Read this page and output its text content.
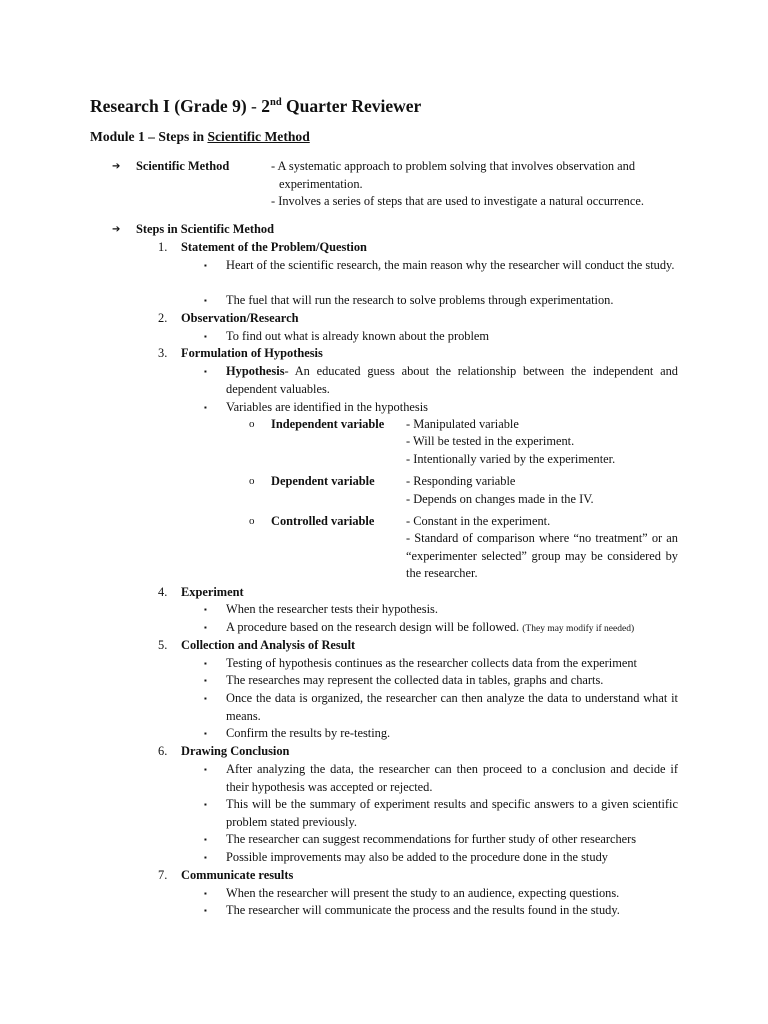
Research I (Grade 9) - 2nd Quarter Reviewer
Module 1 – Steps in Scientific Method
➔ Scientific Method	- A systematic approach to problem solving that involves observation and
experimentation.
- Involves a series of steps that are used to investigate a natural occurrence.
➔ Steps in Scientific Method
1. Statement of the Problem/Question
▪ Heart of the scientific research, the main reason why the researcher will conduct the study.
▪ The fuel that will run the research to solve problems through experimentation.
2. Observation/Research
▪ To find out what is already known about the problem
3. Formulation of Hypothesis
▪ Hypothesis- An educated guess about the relationship between the independent and dependent valuables.
▪ Variables are identified in the hypothesis
o Independent variable - Manipulated variable
- Will be tested in the experiment.
- Intentionally varied by the experimenter.
o Dependent variable	- Responding variable
- Depends on changes made in the IV.
o Controlled variable	- Constant in the experiment.
- Standard of comparison where “no treatment” or an “experimenter selected” group may be considered by the researcher.
4. Experiment
▪ When the researcher tests their hypothesis.
▪ A procedure based on the research design will be followed. (They may modify if needed)
5. Collection and Analysis of Result
▪ Testing of hypothesis continues as the researcher collects data from the experiment
▪ The researches may represent the collected data in tables, graphs and charts.
▪ Once the data is organized, the researcher can then analyze the data to understand what it means.
▪ Confirm the results by re-testing.
6. Drawing Conclusion
▪ After analyzing the data, the researcher can then proceed to a conclusion and decide if their hypothesis was accepted or rejected.
▪ This will be the summary of experiment results and specific answers to a given scientific problem stated previously.
▪ The researcher can suggest recommendations for further study of other researchers
▪ Possible improvements may also be added to the procedure done in the study
7. Communicate results
▪ When the researcher will present the study to an audience, expecting questions.
▪ The researcher will communicate the process and the results found in the study.
